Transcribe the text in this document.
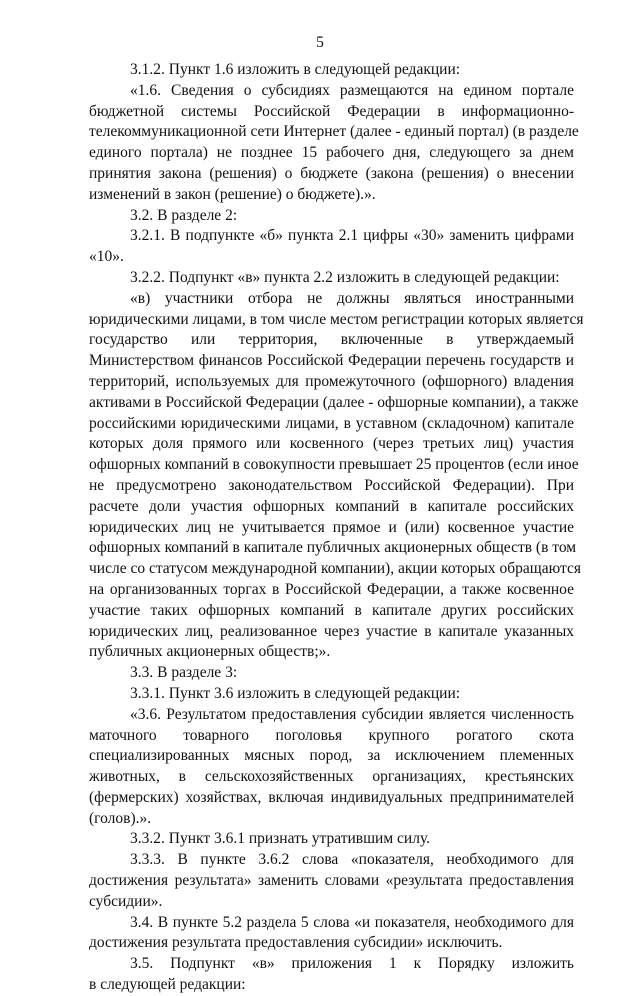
5
3.1.2. Пункт 1.6 изложить в следующей редакции:
«1.6. Сведения о субсидиях размещаются на едином портале
бюджетной системы Российской Федерации в информационно-
телекоммуникационной сети Интернет (далее - единый портал) (в разделе
единого портала) не позднее 15 рабочего дня, следующего за днем
принятия закона (решения) о бюджете (закона (решения) о внесении
изменений в закон (решение) о бюджете).».
3.2. В разделе 2:
3.2.1. В подпункте «б» пункта 2.1 цифры «30» заменить цифрами
«10».
3.2.2. Подпункт «в» пункта 2.2 изложить в следующей редакции:
«в) участники отбора не должны являться иностранными
юридическими лицами, в том числе местом регистрации которых является
государство или территория, включенные в утверждаемый
Министерством финансов Российской Федерации перечень государств и
территорий, используемых для промежуточного (офшорного) владения
активами в Российской Федерации (далее - офшорные компании), а также
российскими юридическими лицами, в уставном (складочном) капитале
которых доля прямого или косвенного (через третьих лиц) участия
офшорных компаний в совокупности превышает 25 процентов (если иное
не предусмотрено законодательством Российской Федерации). При
расчете доли участия офшорных компаний в капитале российских
юридических лиц не учитывается прямое и (или) косвенное участие
офшорных компаний в капитале публичных акционерных обществ (в том
числе со статусом международной компании), акции которых обращаются
на организованных торгах в Российской Федерации, а также косвенное
участие таких офшорных компаний в капитале других российских
юридических лиц, реализованное через участие в капитале указанных
публичных акционерных обществ;».
3.3. В разделе 3:
3.3.1. Пункт 3.6 изложить в следующей редакции:
«3.6. Результатом предоставления субсидии является численность
маточного товарного поголовья крупного рогатого скота
специализированных мясных пород, за исключением племенных
животных, в сельскохозяйственных организациях, крестьянских
(фермерских) хозяйствах, включая индивидуальных предпринимателей
(голов).».
3.3.2. Пункт 3.6.1 признать утратившим силу.
3.3.3. В пункте 3.6.2 слова «показателя, необходимого для
достижения результата» заменить словами «результата предоставления
субсидии».
3.4. В пункте 5.2 раздела 5 слова «и показателя, необходимого для
достижения результата предоставления субсидии» исключить.
3.5. Подпункт «в» приложения 1 к Порядку изложить
в следующей редакции:
